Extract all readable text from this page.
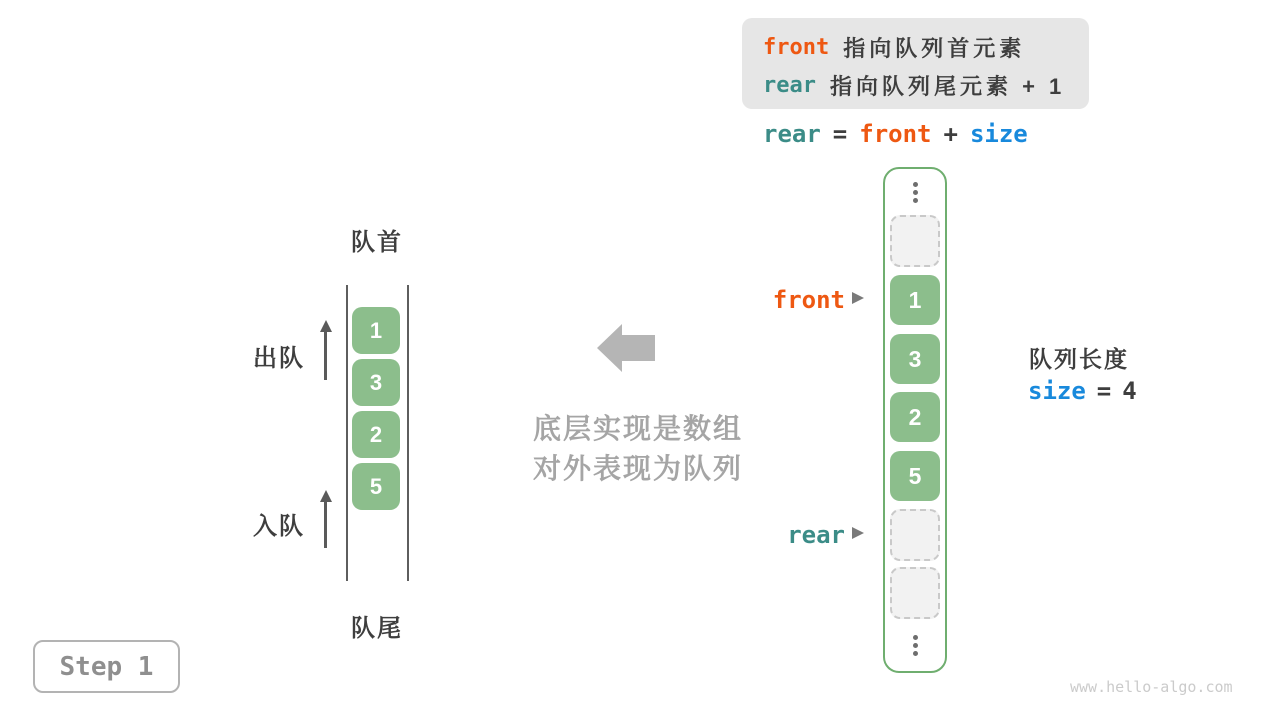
front 指向队列首元素
rear 指向队列尾元素 + 1
rear = front + size
队首
队尾
1
3
2
5
出队
入队
底层实现是数组
对外表现为队列
1
3
2
5
front
rear
队列长度
size = 4
Step 1
www.hello-algo.com
